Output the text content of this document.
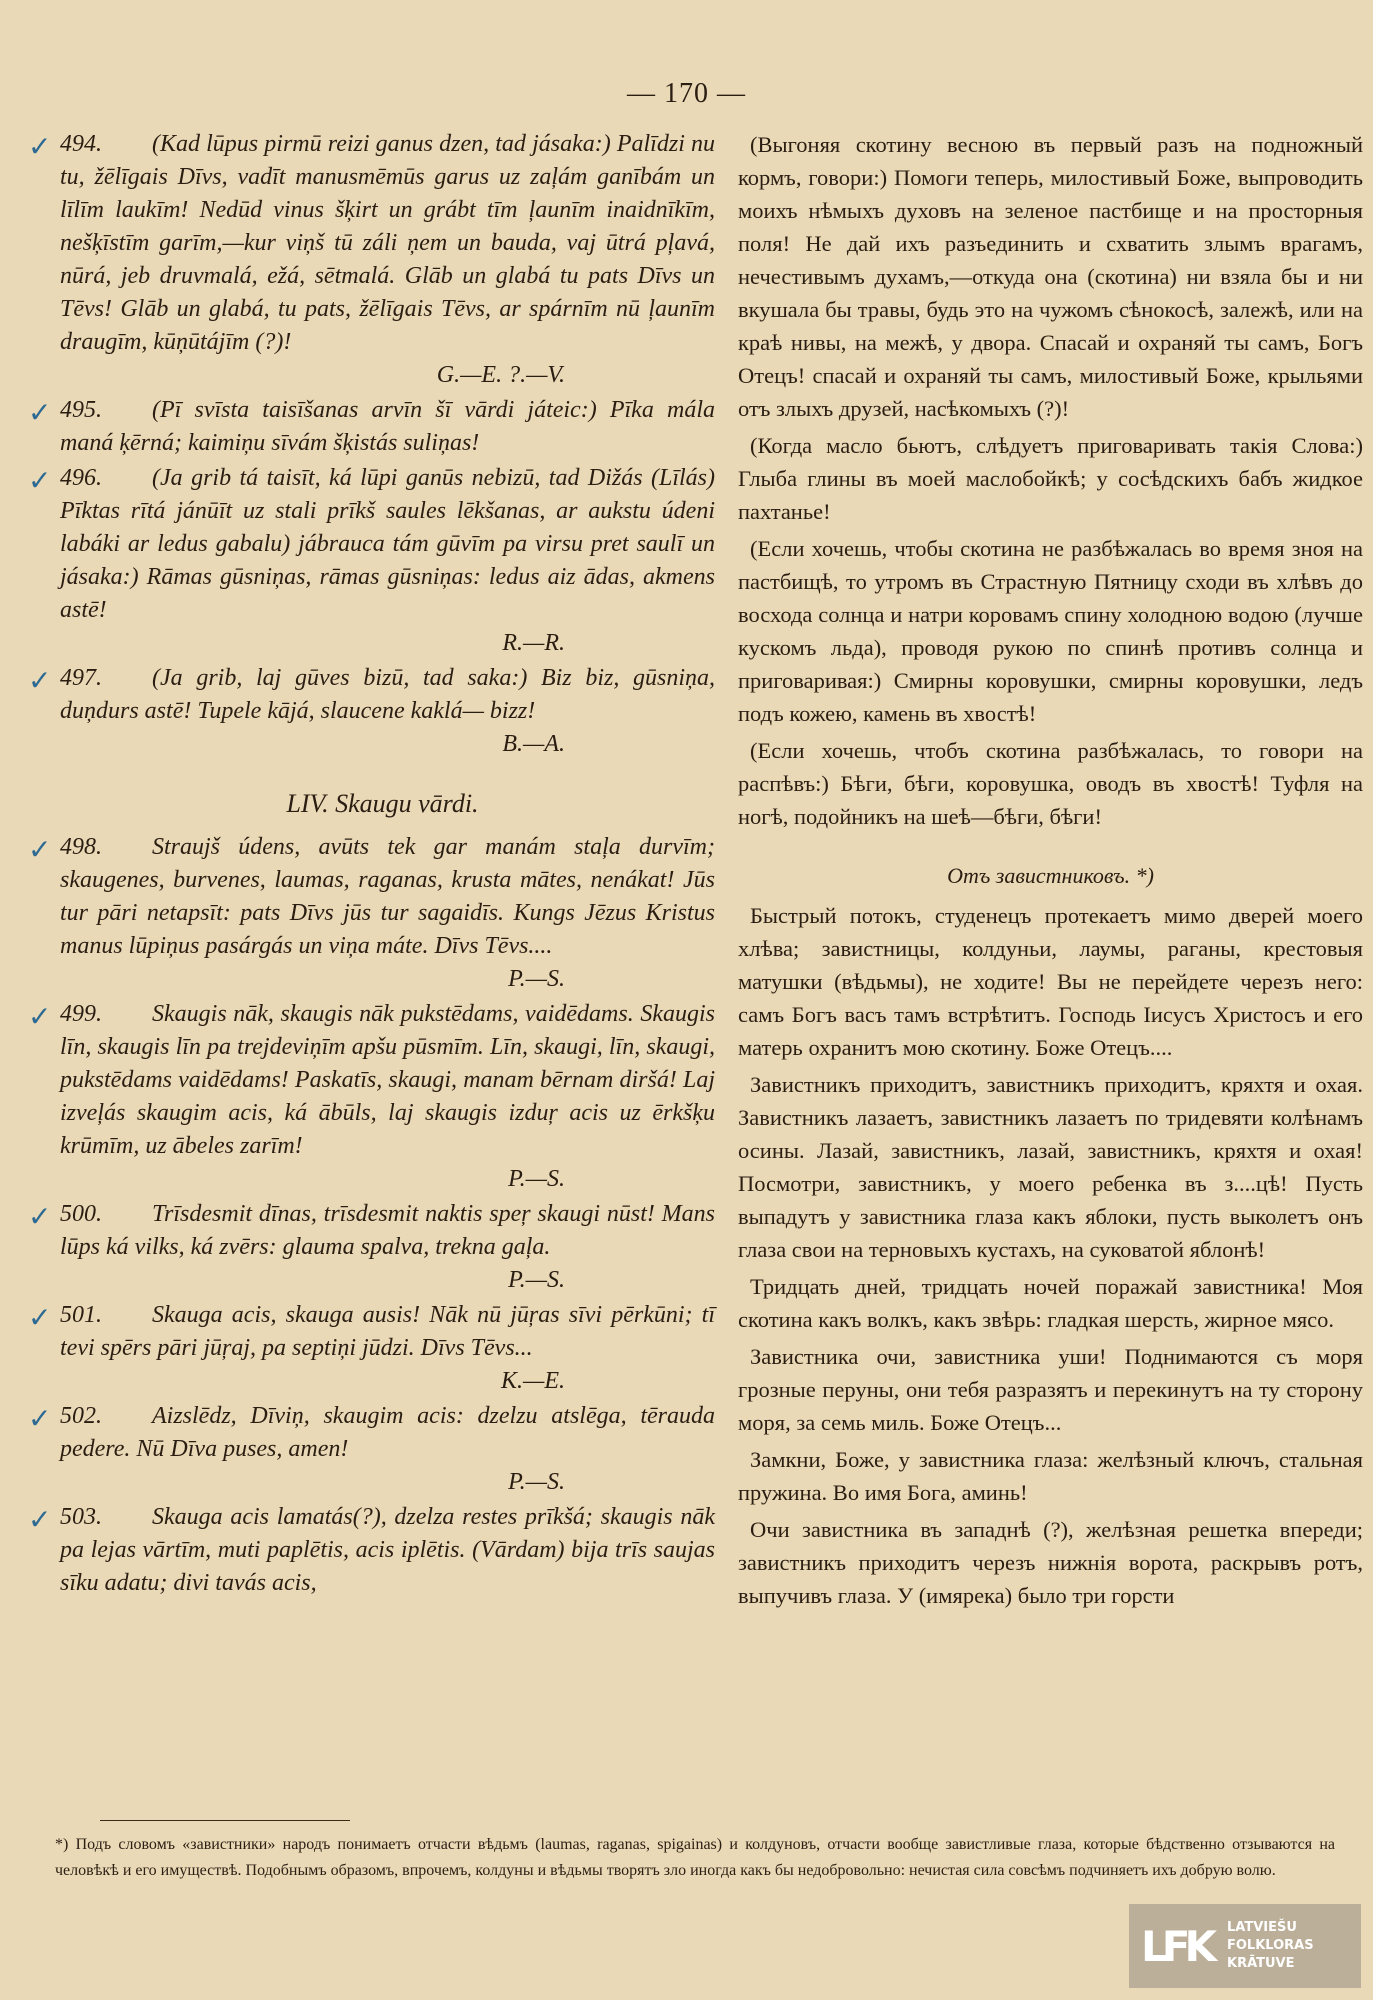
— 170 —
✓ 494. (Kad lūpus pirmū reizi ganus dzen, tad jásaka:) Palīdzi nu tu, žēlīgais Dīvs, vadīt manusmēmūs garus uz zaļám ganībám un līlīm laukīm! Nedūd vinus šķirt un grábt tīm ļaunīm inaidnīkīm, nešķīstīm garīm,—kur viņš tū záli ņem un bauda, vaj ūtrá pļavá, nūrá, jeb druvmalá, ežá, sētmalá. Glāb un glabá tu pats Dīvs un Tēvs! Glāb un glabá, tu pats, žēlīgais Tēvs, ar spárnīm nū ļaunīm draugīm, kūņūtájīm (?)!
G.—E. ?.—V.
✓ 495. (Pī svīsta taisīšanas arvīn šī vārdi játeic:) Pīka mála maná ķērná; kaimiņu sīvám šķistás suliņas!
✓ 496. (Ja grib tá taisīt, ká lūpi ganūs nebizū, tad Dižás (Līlás) Pīktas rītá jánūīt uz stali prīkš saules lēkšanas, ar aukstu údeni labáki ar ledus gabalu) jábrauca tám gūvīm pa virsu pret saulī un jásaka:) Rāmas gūsniņas, rāmas gūsniņas: ledus aiz ādas, akmens astē!
R.—R.
✓ 497. (Ja grib, laj gūves bizū, tad saka:) Biz biz, gūsniņa, duņdurs astē! Tupele kājá, slaucene kaklá— bizz!
B.—A.
LIV. Skaugu vārdi.
✓ 498. Straujš údens, avūts tek gar manám staļa durvīm; skaugenes, burvenes, laumas, raganas, krusta mātes, nenákat! Jūs tur pāri netapsīt: pats Dīvs jūs tur sagaidīs. Kungs Jēzus Kristus manus lūpiņus pasárgás un viņa máte. Dīvs Tēvs....
P.—S.
✓ 499. Skaugis nāk, skaugis nāk pukstēdams, vaidēdams. Skaugis līn, skaugis līn pa trejdeviņīm apšu pūsmīm. Līn, skaugi, līn, skaugi, pukstēdams vaidēdams! Paskatīs, skaugi, manam bērnam diršá! Laj izveļás skaugim acis, ká ābūls, laj skaugis izduŗ acis uz ērkšķu krūmīm, uz ābeles zarīm!
P.—S.
✓ 500. Trīsdesmit dīnas, trīsdesmit naktis speŗ skaugi nūst! Mans lūps ká vilks, ká zvērs: glauma spalva, trekna gaļa.
P.—S.
✓ 501. Skauga acis, skauga ausis! Nāk nū jūŗas sīvi pērkūni; tī tevi spērs pāri jūŗaj, pa septiņi jūdzi. Dīvs Tēvs...
K.—E.
✓ 502. Aizslēdz, Dīviņ, skaugim acis: dzelzu atslēga, tērauda pedere. Nū Dīva puses, amen!
P.—S.
✓ 503. Skauga acis lamatás(?), dzelza restes prīkšá; skaugis nāk pa lejas vārtīm, muti paplētis, acis iplētis. (Vārdam) bija trīs saujas sīku adatu; divi tavás acis,

(Выгоняя скотину весною въ первый разъ на подножный кормъ, говори:) Помоги теперь, милостивый Боже, выпроводить моихъ нѣмыхъ духовъ на зеленое пастбище и на просторныя поля! Не дай ихъ разъединить и схватить злымъ врагамъ, нечестивымъ духамъ,—откуда она (скотина) ни взяла бы и ни вкушала бы травы, будь это на чужомъ сѣнокосѣ, залежѣ, или на краѣ нивы, на межѣ, у двора. Спасай и охраняй ты самъ, Богъ Отецъ! спасай и охраняй ты самъ, милостивый Боже, крыльями отъ злыхъ друзей, насѣкомыхъ (?)!

(Когда масло бьютъ, слѣдуетъ приговаривать такія Слова:) Глыба глины въ моей маслобойкѣ; у сосѣдскихъ бабъ жидкое пахтанье!

(Если хочешь, чтобы скотина не разбѣжалась во время зноя на пастбищѣ, то утромъ въ Страстную Пятницу сходи въ хлѣвъ до восхода солнца и натри коровамъ спину холодною водою (лучше кускомъ льда), проводя рукою по спинѣ противъ солнца и приговаривая:) Смирны коровушки, смирны коровушки, ледъ подъ кожею, камень въ хвостѣ!

(Если хочешь, чтобъ скотина разбѣжалась, то говори на распѣвъ:) Бѣги, бѣги, коровушка, оводъ въ хвостѣ! Туфля на ногѣ, подойникъ на шеѣ—бѣги, бѣги!

Отъ завистниковъ. *)

Быстрый потокъ, студенецъ протекаетъ мимо дверей моего хлѣва; завистницы, колдуньи, лаумы, раганы, крестовыя матушки (вѣдьмы), не ходите! Вы не перейдете черезъ него: самъ Богъ васъ тамъ встрѣтитъ. Господь Іисусъ Христосъ и его матерь охранитъ мою скотину. Боже Отецъ....

Завистникъ приходитъ, завистникъ приходитъ, кряхтя и охая. Завистникъ лазаетъ, завистникъ лазаетъ по тридевяти колѣнамъ осины. Лазай, завистникъ, лазай, завистникъ, кряхтя и охая! Посмотри, завистникъ, у моего ребенка въ з....цѣ! Пусть выпадутъ у завистника глаза какъ яблоки, пусть выколетъ онъ глаза свои на терновыхъ кустахъ, на суковатой яблонѣ!

Тридцать дней, тридцать ночей поражай завистника! Моя скотина какъ волкъ, какъ звѣрь: гладкая шерсть, жирное мясо.

Завистника очи, завистника уши! Поднимаются съ моря грозные перуны, они тебя разразятъ и перекинутъ на ту сторону моря, за семь миль. Боже Отецъ...

Замкни, Боже, у завистника глаза: желѣзный ключъ, стальная пружина. Во имя Бога, аминь!

Очи завистника въ западнѣ (?), желѣзная решетка впереди; завистникъ приходитъ черезъ нижнія ворота, раскрывъ ротъ, выпучивъ глаза. У (имярека) было три горсти

*) Подъ словомъ «завистники» народъ понимаетъ отчасти вѣдьмъ (laumas, raganas, spigainas) и колдуновъ, отчасти вообще завистливые глаза, которые бѣдственно отзываются на человѣкѣ и его имуществѣ. Подобнымъ образомъ, впрочемъ, колдуны и вѣдьмы творятъ зло иногда какъ бы недобровольно: нечистая сила совсѣмъ подчиняетъ ихъ добрую волю.
LFK LATVIEŠU
FOLKLORAS
KRĀTUVE
